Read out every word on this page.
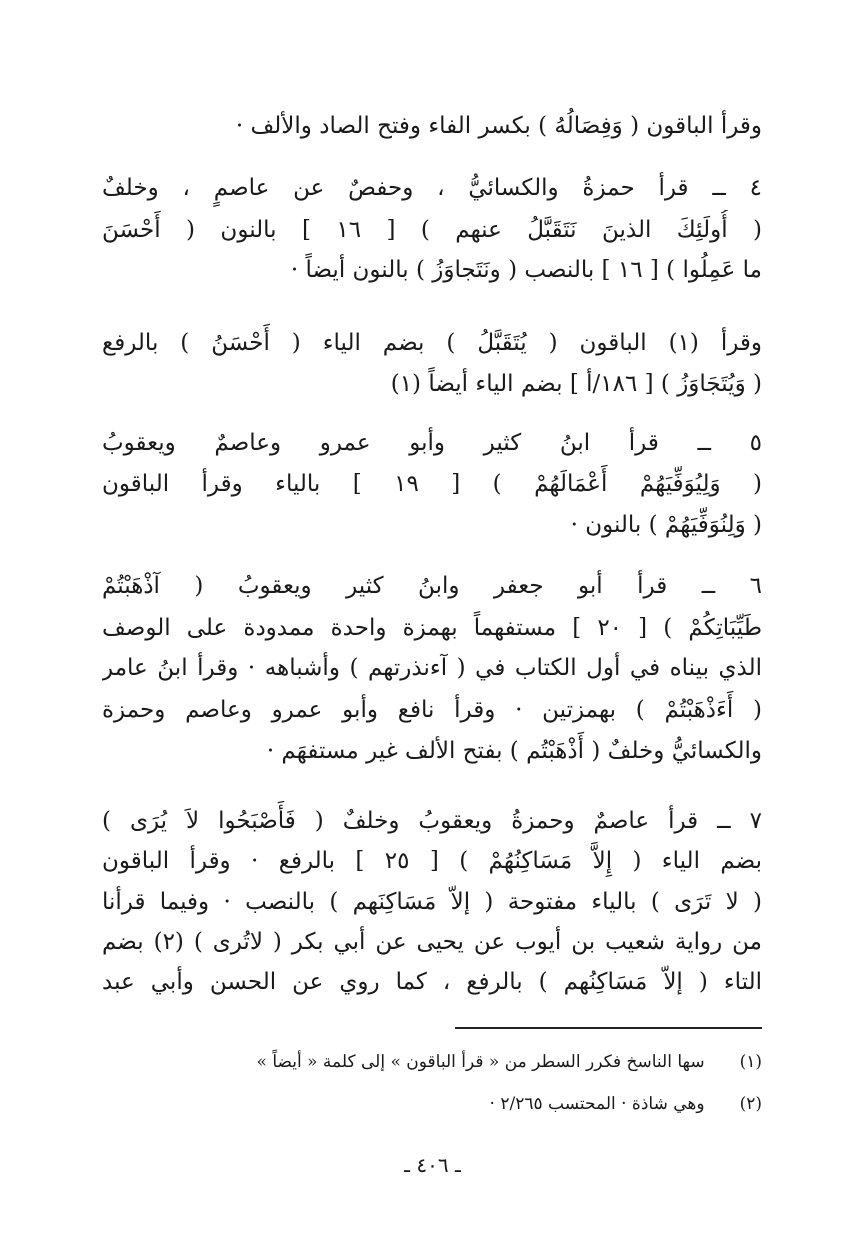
وقرأ الباقون ( وَفِصَالُهُ ) بكسر الفاء وفتح الصاد والألف ·
٤ ــ قرأ حمزةُ والكسائيُّ ، وحفصٌ عن عاصمٍ ، وخلفٌ
( أُولَئِكَ الذينَ نَتَقَبَّلُ عنهم ) [ ١٦ ] بالنون ( أَحْسَنَ
ما عَمِلُوا ) [ ١٦ ] بالنصب ( ونَتَجاوَزُ ) بالنون أيضاً ·
وقرأ (١) الباقون ( يُتَقَبَّلُ ) بضم الياء ( أَحْسَنُ ) بالرفع
( وَيُتَجَاوَزُ ) [ ١٨٦/أ ] بضم الياء أيضاً (١)
٥ ــ قرأ ابنُ كثير وأبو عمرو وعاصمٌ ويعقوبُ
( وَلِيُوَفِّيَهُمْ أَعْمَالَهُمْ ) [ ١٩ ] بالياء وقرأ الباقون
( وَلِنُوَفِّيَهُمْ ) بالنون ·
٦ ــ قرأ أبو جعفر وابنُ كثير ويعقوبُ ( آذْهَبْتُمْ
طَيِّبَاتِكُمْ ) [ ٢٠ ] مستفهماً بهمزة واحدة ممدودة على الوصف
الذي بيناه في أول الكتاب في ( آءنذرتهم ) وأشباهه · وقرأ ابنُ عامر
( أَءَذْهَبْتُمْ ) بهمزتين · وقرأ نافع وأبو عمرو وعاصم وحمزة
والكسائيُّ وخلفٌ ( أَذْهَبْتُم ) بفتح الألف غير مستفهَم ·
٧ ــ قرأ عاصمٌ وحمزةُ ويعقوبُ وخلفٌ ( فَأَصْبَحُوا لاَ يُرَى )
بضم الياء ( إِلاَّ مَسَاكِنُهُمْ ) [ ٢٥ ] بالرفع · وقرأ الباقون
( لا تَرَى ) بالياء مفتوحة ( إلاّ مَسَاكِنَهم ) بالنصب · وفيما قرأنا
من رواية شعيب بن أيوب عن يحيى عن أبي بكر ( لاتُرى ) (٢) بضم
التاء ( إلاّ مَسَاكِنُهم ) بالرفع ، كما روي عن الحسن وأبي عبد
(١) سها الناسخ فكرر السطر من « قرأ الباقون » إلى كلمة « أيضاً »
(٢) وهي شاذة · المحتسب ٢/٢٦٥ ·
ـ ٤٠٦ ـ
